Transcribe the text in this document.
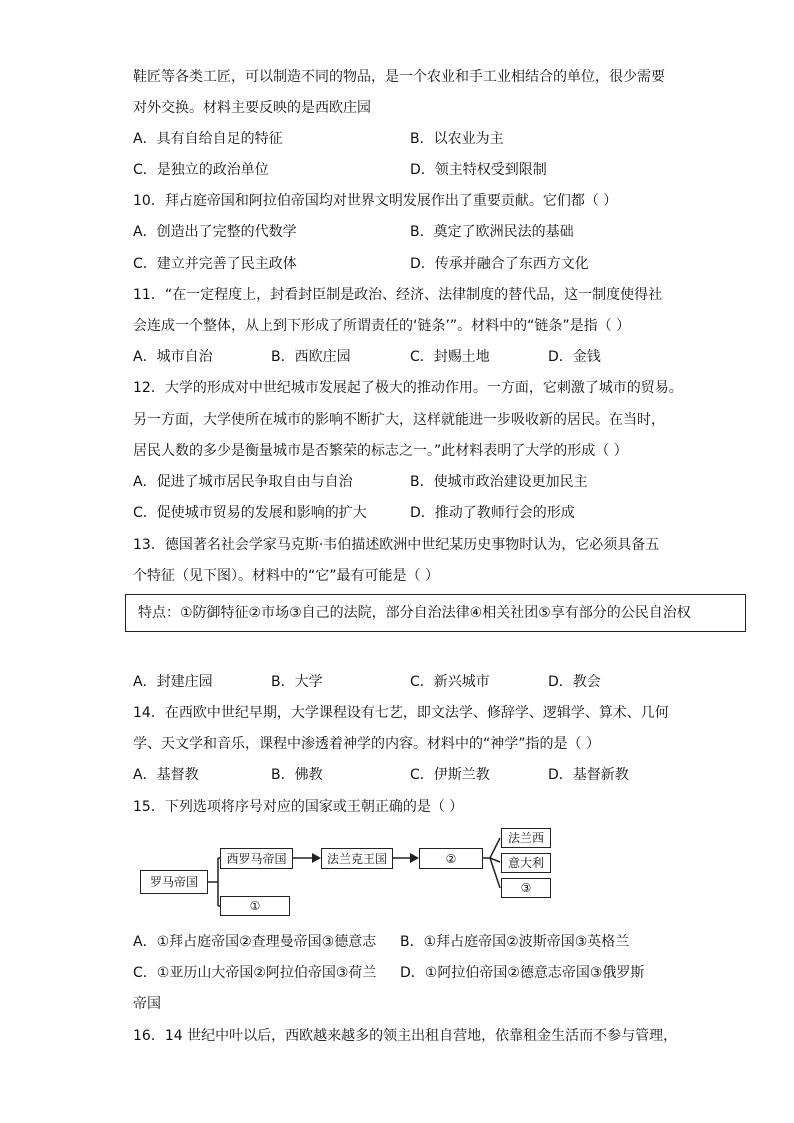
鞋匠等各类工匠，可以制造不同的物品，是一个农业和手工业相结合的单位，很少需要
对外交换。材料主要反映的是西欧庄园
A．具有自给自足的特征	B．以农业为主
C．是独立的政治单位	D．领主特权受到限制
10．拜占庭帝国和阿拉伯帝国均对世界文明发展作出了重要贡献。它们都（ ）
A．创造出了完整的代数学	B．奠定了欧洲民法的基础
C．建立并完善了民主政体	D．传承并融合了东西方文化
11．“在一定程度上，封看封臣制是政治、经济、法律制度的替代品，这一制度使得社
会连成一个整体，从上到下形成了所谓责任的‘链条’”。材料中的“链条”是指（ ）
A．城市自治	B．西欧庄园	C．封赐土地	D．金钱
12．大学的形成对中世纪城市发展起了极大的推动作用。一方面，它刺激了城市的贸易。
另一方面，大学使所在城市的影响不断扩大，这样就能进一步吸收新的居民。在当时，
居民人数的多少是衡量城市是否繁荣的标志之一。”此材料表明了大学的形成（ ）
A．促进了城市居民争取自由与自治	B．使城市政治建设更加民主
C．促使城市贸易的发展和影响的扩大	D．推动了教师行会的形成
13．德国著名社会学家马克斯·韦伯描述欧洲中世纪某历史事物时认为，它必须具备五
个特征（见下图）。材料中的“它”最有可能是（ ）
特点：①防御特征②市场③自己的法院，部分自治法律④相关社团⑤享有部分的公民自治权
A．封建庄园	B．大学	C．新兴城市	D．教会
14．在西欧中世纪早期，大学课程设有七艺，即文法学、修辞学、逻辑学、算术、几何
学、天文学和音乐，课程中渗透着神学的内容。材料中的“神学”指的是（ ）
A．基督教	B．佛教	C．伊斯兰教	D．基督新教
15．下列选项将序号对应的国家或王朝正确的是（ ）
罗马帝国
西罗马帝国
①
法兰克王国	②
法兰西
意大利
③
A．①拜占庭帝国②查理曼帝国③德意志 B．①拜占庭帝国②波斯帝国③英格兰
C．①亚历山大帝国②阿拉伯帝国③荷兰 D．①阿拉伯帝国②德意志帝国③俄罗斯
帝国
16．14 世纪中叶以后，西欧越来越多的领主出租自营地，依靠租金生活而不参与管理，
